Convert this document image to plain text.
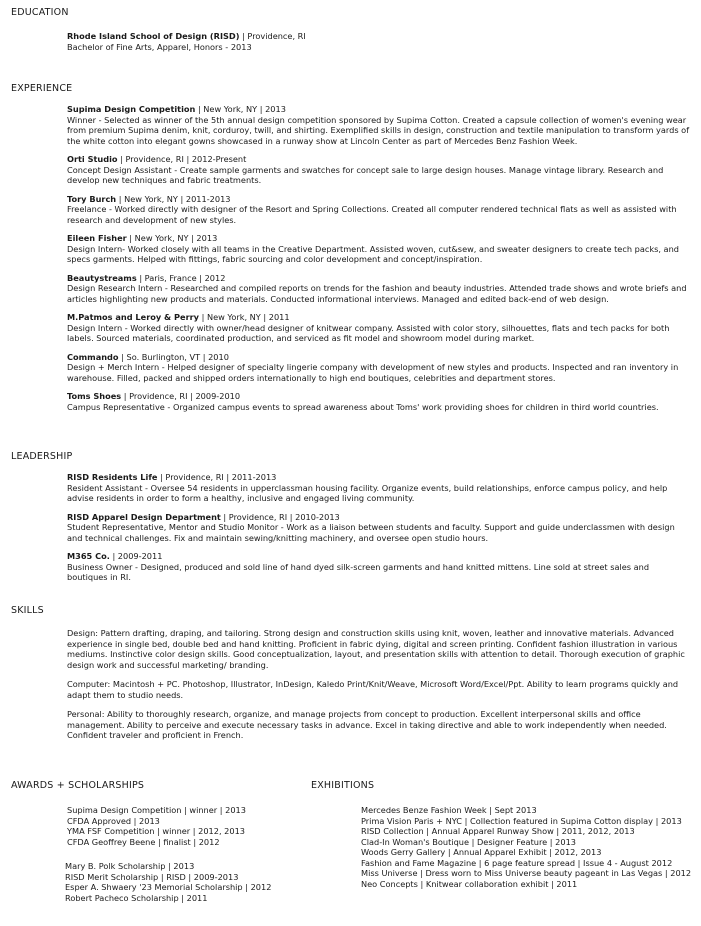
EDUCATION
Rhode Island School of Design (RISD) | Providence, RI
Bachelor of Fine Arts, Apparel, Honors - 2013
EXPERIENCE
Supima Design Competition | New York, NY | 2013
Winner - Selected as winner of the 5th annual design competition sponsored by Supima Cotton. Created a capsule collection of women's evening wear from premium Supima denim, knit, corduroy, twill, and shirting. Exemplified skills in design, construction and textile manipulation to transform yards of the white cotton into elegant gowns showcased in a runway show at Lincoln Center as part of Mercedes Benz Fashion Week.
Orti Studio | Providence, RI | 2012-Present
Concept Design Assistant - Create sample garments and swatches for concept sale to large design houses. Manage vintage library. Research and develop new techniques and fabric treatments.
Tory Burch | New York, NY | 2011-2013
Freelance - Worked directly with designer of the Resort and Spring Collections. Created all computer rendered technical flats as well as assisted with research and development of new styles.
Eileen Fisher | New York, NY | 2013
Design Intern- Worked closely with all teams in the Creative Department. Assisted woven, cut&sew, and sweater designers to create tech packs, and specs garments. Helped with fittings, fabric sourcing and color development and concept/inspiration.
Beautystreams | Paris, France | 2012
Design Research Intern - Researched and compiled reports on trends for the fashion and beauty industries. Attended trade shows and wrote briefs and articles highlighting new products and materials. Conducted informational interviews. Managed and edited back-end of web design.
M.Patmos and Leroy & Perry | New York, NY | 2011
Design Intern - Worked directly with owner/head designer of knitwear company. Assisted with color story, silhouettes, flats and tech packs for both labels. Sourced materials, coordinated production, and serviced as fit model and showroom model during market.
Commando | So. Burlington, VT | 2010
Design + Merch Intern - Helped designer of specialty lingerie company with development of new styles and products. Inspected and ran inventory in warehouse. Filled, packed and shipped orders internationally to high end boutiques, celebrities and department stores.
Toms Shoes | Providence, RI | 2009-2010
Campus Representative - Organized campus events to spread awareness about Toms' work providing shoes for children in third world countries.
LEADERSHIP
RISD Residents Life | Providence, RI | 2011-2013
Resident Assistant - Oversee 54 residents in upperclassman housing facility. Organize events, build relationships, enforce campus policy, and help advise residents in order to form a healthy, inclusive and engaged living community.
RISD Apparel Design Department | Providence, RI | 2010-2013
Student Representative, Mentor and Studio Monitor - Work as a liaison between students and faculty. Support and guide underclassmen with design and technical challenges. Fix and maintain sewing/knitting machinery, and oversee open studio hours.
M365 Co. | 2009-2011
Business Owner - Designed, produced and sold line of hand dyed silk-screen garments and hand knitted mittens. Line sold at street sales and boutiques in RI.
SKILLS
Design: Pattern drafting, draping, and tailoring. Strong design and construction skills using knit, woven, leather and innovative materials. Advanced experience in single bed, double bed and hand knitting. Proficient in fabric dying, digital and screen printing. Confident fashion illustration in various mediums. Instinctive color design skills. Good conceptualization, layout, and presentation skills with attention to detail. Thorough execution of graphic design work and successful marketing/ branding.
Computer: Macintosh + PC. Photoshop, Illustrator, InDesign, Kaledo Print/Knit/Weave, Microsoft Word/Excel/Ppt. Ability to learn programs quickly and adapt them to studio needs.
Personal: Ability to thoroughly research, organize, and manage projects from concept to production. Excellent interpersonal skills and office management. Ability to perceive and execute necessary tasks in advance. Excel in taking directive and able to work independently when needed. Confident traveler and proficient in French.
AWARDS + SCHOLARSHIPS	EXHIBITIONS
Supima Design Competition | winner | 2013
CFDA Approved | 2013
YMA FSF Competition | winner | 2012, 2013
CFDA Geoffrey Beene | finalist | 2012
Mary B. Polk Scholarship | 2013
RISD Merit Scholarship | RISD | 2009-2013
Esper A. Shwaery '23 Memorial Scholarship | 2012
Robert Pacheco Scholarship | 2011
Mercedes Benze Fashion Week | Sept 2013
Prima Vision Paris + NYC | Collection featured in Supima Cotton display | 2013
RISD Collection | Annual Apparel Runway Show | 2011, 2012, 2013
Clad-In Woman's Boutique | Designer Feature | 2013
Woods Gerry Gallery | Annual Apparel Exhibit | 2012, 2013
Fashion and Fame Magazine | 6 page feature spread | Issue 4 - August 2012
Miss Universe | Dress worn to Miss Universe beauty pageant in Las Vegas | 2012
Neo Concepts | Knitwear collaboration exhibit | 2011
